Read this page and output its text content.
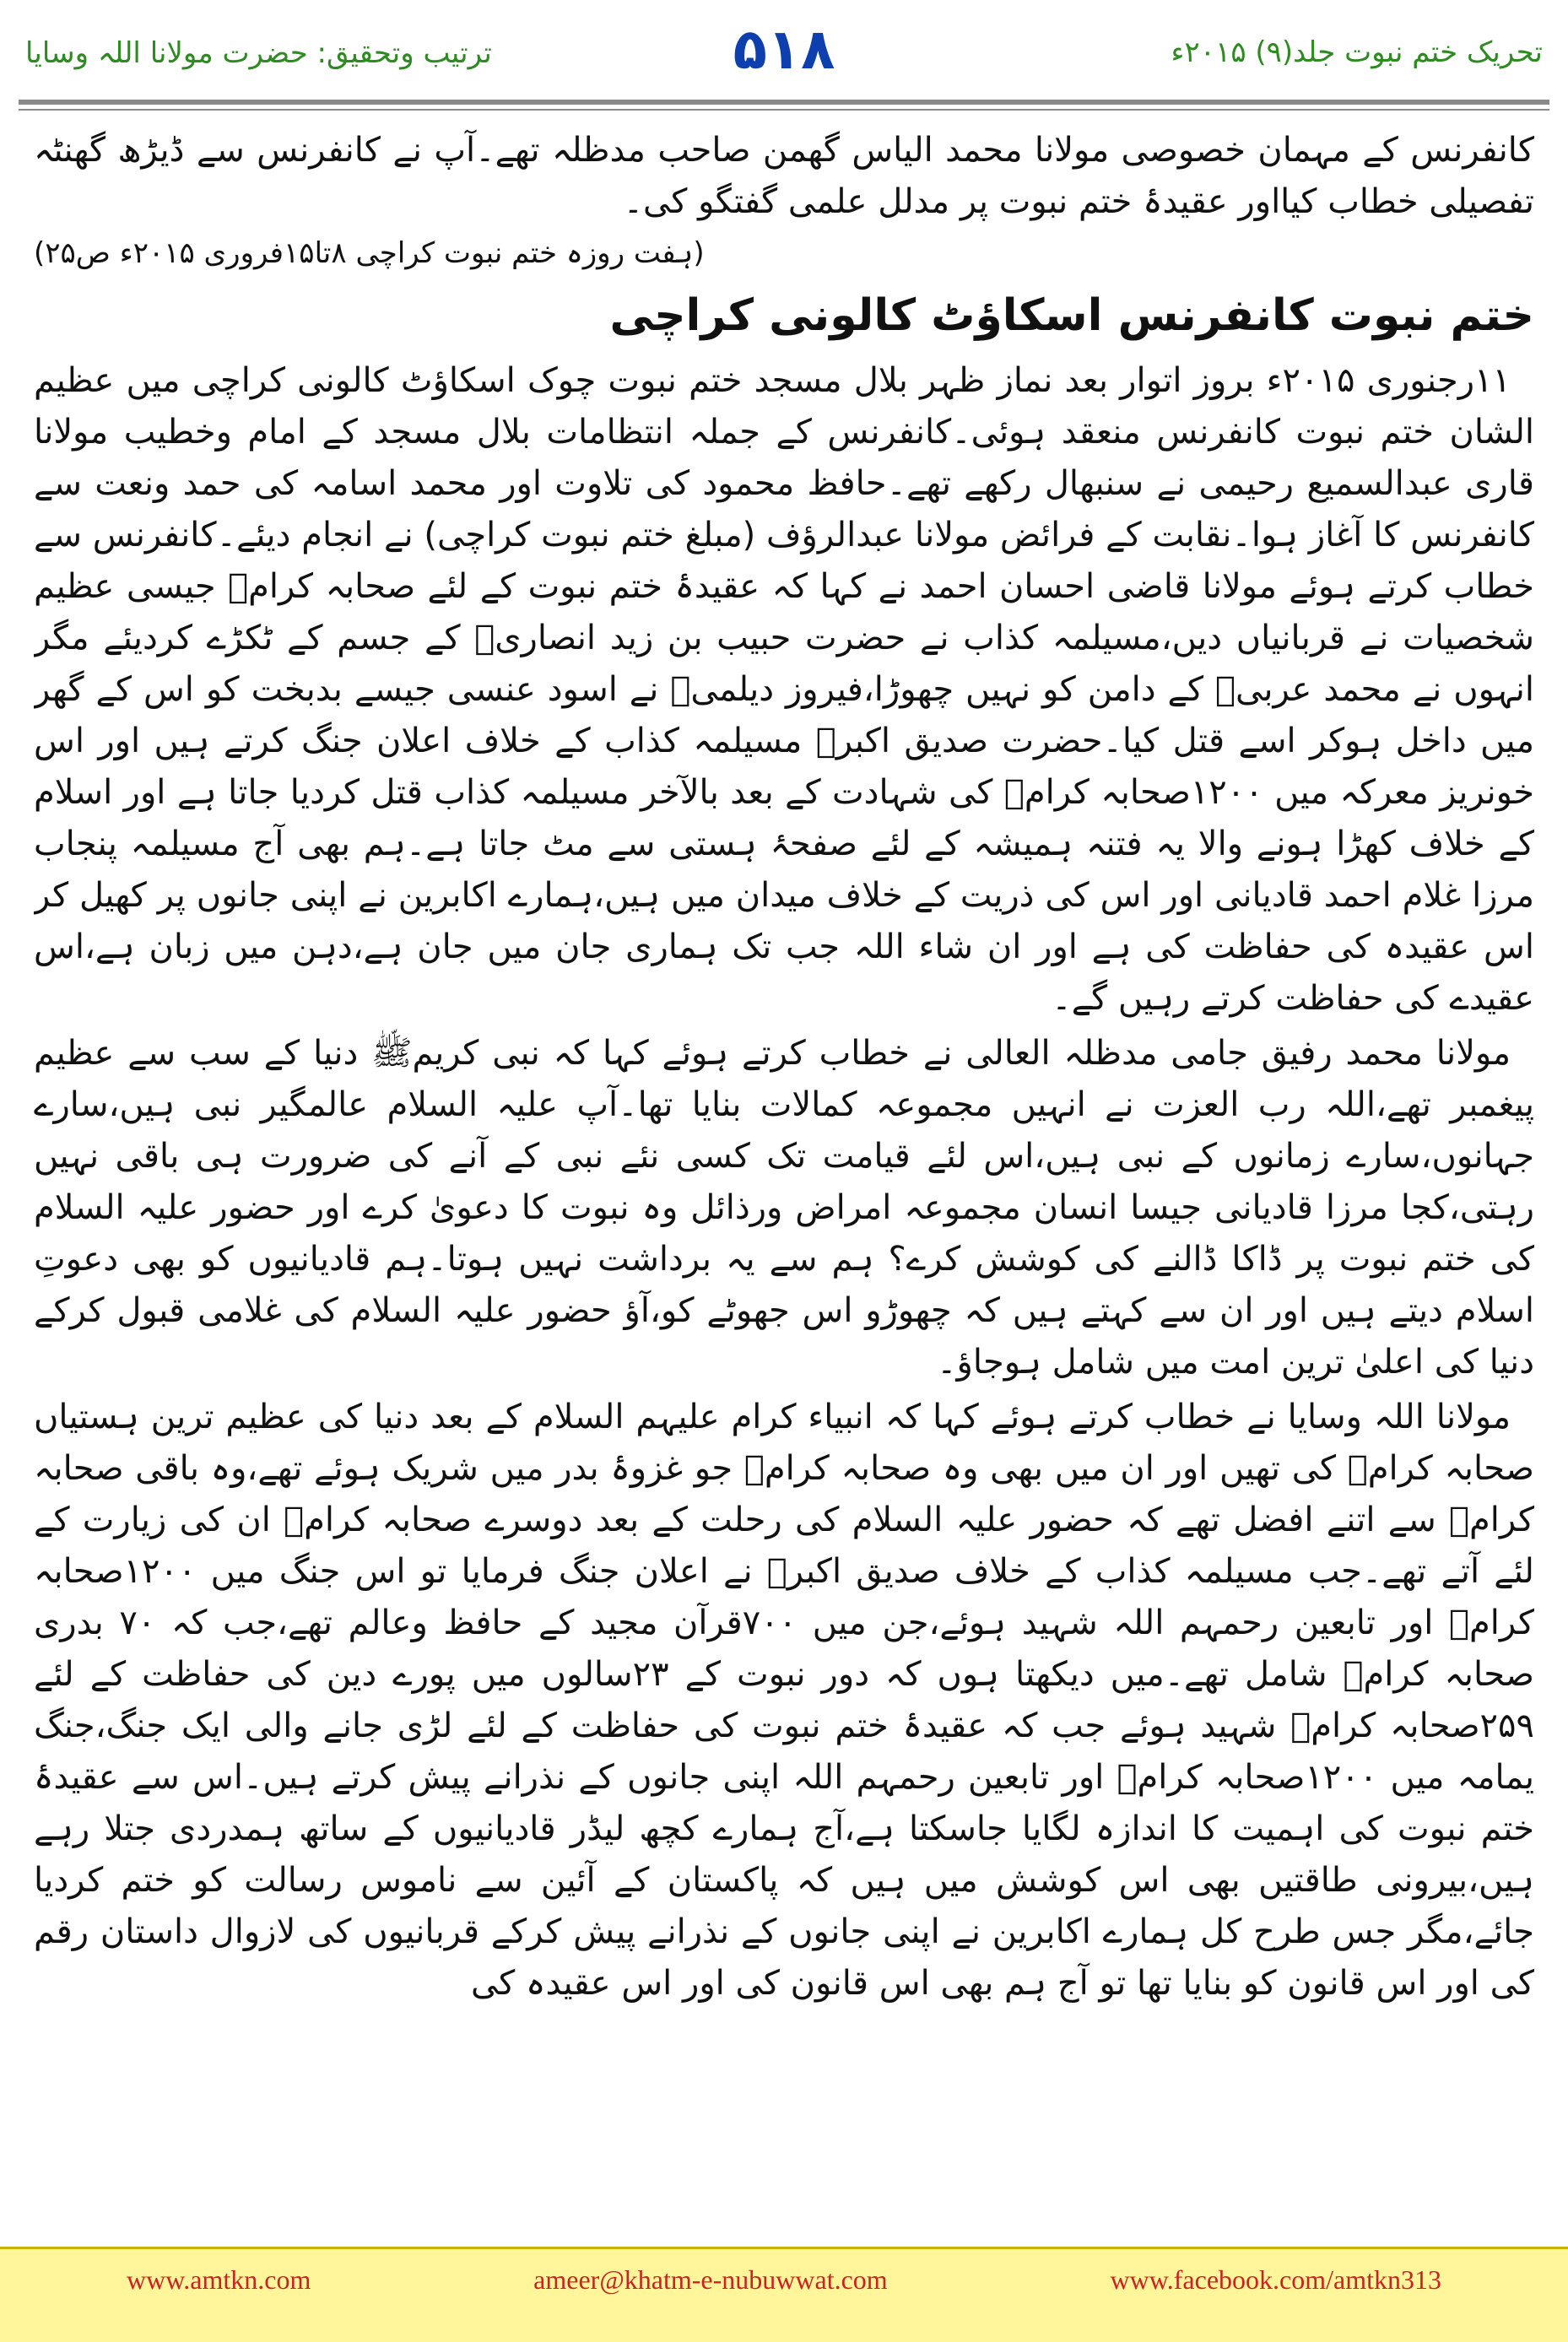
ترتیب وتحقیق: حضرت مولانا اللہ وسایا	۵۱۸	تحریک ختم نبوت جلد(۹) ۲۰۱۵ء

کانفرنس کے مہمان خصوصی مولانا محمد الیاس گھمن صاحب مدظلہ تھے۔آپ نے کانفرنس سے ڈیڑھ گھنٹہ تفصیلی خطاب کیااور عقیدۂ ختم نبوت پر مدلل علمی گفتگو کی۔

(ہفت روزہ ختم نبوت کراچی ۸تا۱۵فروری ۲۰۱۵ء ص۲۵)

ختم نبوت کانفرنس اسکاؤٹ کالونی کراچی

۱۱رجنوری ۲۰۱۵ء بروز اتوار بعد نماز ظہر بلال مسجد ختم نبوت چوک اسکاؤٹ کالونی کراچی میں عظیم الشان ختم نبوت کانفرنس منعقد ہوئی۔کانفرنس کے جملہ انتظامات بلال مسجد کے امام وخطیب مولانا قاری عبدالسمیع رحیمی نے سنبھال رکھے تھے۔حافظ محمود کی تلاوت اور محمد اسامہ کی حمد ونعت سے کانفرنس کا آغاز ہوا۔نقابت کے فرائض مولانا عبدالرؤف (مبلغ ختم نبوت کراچی) نے انجام دیئے۔کانفرنس سے خطاب کرتے ہوئے مولانا قاضی احسان احمد نے کہا کہ عقیدۂ ختم نبوت کے لئے صحابہ کرامؓ جیسی عظیم شخصیات نے قربانیاں دیں،مسیلمہ کذاب نے حضرت حبیب بن زید انصاریؓ کے جسم کے ٹکڑے کردیئے مگر انہوں نے محمد عربیﷺ کے دامن کو نہیں چھوڑا،فیروز دیلمیؓ نے اسود عنسی جیسے بدبخت کو اس کے گھر میں داخل ہوکر اسے قتل کیا۔حضرت صدیق اکبرؓ مسیلمہ کذاب کے خلاف اعلان جنگ کرتے ہیں اور اس خونریز معرکہ میں ۱۲۰۰صحابہ کرامؓ کی شہادت کے بعد بالآخر مسیلمہ کذاب قتل کردیا جاتا ہے اور اسلام کے خلاف کھڑا ہونے والا یہ فتنہ ہمیشہ کے لئے صفحۂ ہستی سے مٹ جاتا ہے۔ہم بھی آج مسیلمہ پنجاب مرزا غلام احمد قادیانی اور اس کی ذریت کے خلاف میدان میں ہیں،ہمارے اکابرین نے اپنی جانوں پر کھیل کر اس عقیدہ کی حفاظت کی ہے اور ان شاء اللہ جب تک ہماری جان میں جان ہے،دہن میں زبان ہے،اس عقیدے کی حفاظت کرتے رہیں گے۔

مولانا محمد رفیق جامی مدظلہ العالی نے خطاب کرتے ہوئے کہا کہ نبی کریمﷺ دنیا کے سب سے عظیم پیغمبر تھے،اللہ رب العزت نے انہیں مجموعہ کمالات بنایا تھا۔آپ علیہ السلام عالمگیر نبی ہیں،سارے جہانوں،سارے زمانوں کے نبی ہیں،اس لئے قیامت تک کسی نئے نبی کے آنے کی ضرورت ہی باقی نہیں رہتی،کجا مرزا قادیانی جیسا انسان مجموعہ امراض ورذائل وہ نبوت کا دعویٰ کرے اور حضور علیہ السلام کی ختم نبوت پر ڈاکا ڈالنے کی کوشش کرے؟ ہم سے یہ برداشت نہیں ہوتا۔ہم قادیانیوں کو بھی دعوتِ اسلام دیتے ہیں اور ان سے کہتے ہیں کہ چھوڑو اس جھوٹے کو،آؤ حضور علیہ السلام کی غلامی قبول کرکے دنیا کی اعلیٰ ترین امت میں شامل ہوجاؤ۔

مولانا اللہ وسایا نے خطاب کرتے ہوئے کہا کہ انبیاء کرام علیہم السلام کے بعد دنیا کی عظیم ترین ہستیاں صحابہ کرامؓ کی تھیں اور ان میں بھی وہ صحابہ کرامؓ جو غزوۂ بدر میں شریک ہوئے تھے،وہ باقی صحابہ کرامؓ سے اتنے افضل تھے کہ حضور علیہ السلام کی رحلت کے بعد دوسرے صحابہ کرامؓ ان کی زیارت کے لئے آتے تھے۔جب مسیلمہ کذاب کے خلاف صدیق اکبرؓ نے اعلان جنگ فرمایا تو اس جنگ میں ۱۲۰۰صحابہ کرامؓ اور تابعین رحمہم اللہ شہید ہوئے،جن میں ۷۰۰قرآن مجید کے حافظ وعالم تھے،جب کہ ۷۰ بدری صحابہ کرامؓ شامل تھے۔میں دیکھتا ہوں کہ دور نبوت کے ۲۳سالوں میں پورے دین کی حفاظت کے لئے ۲۵۹صحابہ کرامؓ شہید ہوئے جب کہ عقیدۂ ختم نبوت کی حفاظت کے لئے لڑی جانے والی ایک جنگ،جنگ یمامہ میں ۱۲۰۰صحابہ کرامؓ اور تابعین رحمہم اللہ اپنی جانوں کے نذرانے پیش کرتے ہیں۔اس سے عقیدۂ ختم نبوت کی اہمیت کا اندازہ لگایا جاسکتا ہے،آج ہمارے کچھ لیڈر قادیانیوں کے ساتھ ہمدردی جتلا رہے ہیں،بیرونی طاقتیں بھی اس کوشش میں ہیں کہ پاکستان کے آئین سے ناموس رسالت کو ختم کردیا جائے،مگر جس طرح کل ہمارے اکابرین نے اپنی جانوں کے نذرانے پیش کرکے قربانیوں کی لازوال داستان رقم کی اور اس قانون کو بنایا تھا تو آج ہم بھی اس قانون کی اور اس عقیدہ کی

www.amtkn.com	ameer@khatm-e-nubuwwat.com	www.facebook.com/amtkn313
